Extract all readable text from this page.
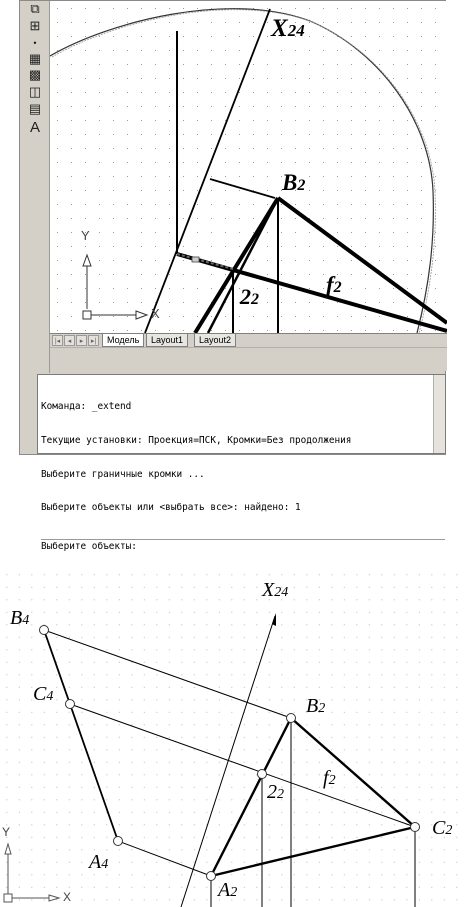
⧉
⊞
•
▦
▩
◫
▤
A
Y
X
X24
B2
f2
22
|◂	◂	▸	▸|	Модель	Layout1	Layout2

Команда: _extend

Текущие установки: Проекция=ПСК, Кромки=Без продолжения

Выберите граничные кромки ...

Выберите объекты или <выбрать все>: найдено: 1

Выберите объекты:

Y
X
X24
B4
C4
A4
B2
C2
A2
f2
22
